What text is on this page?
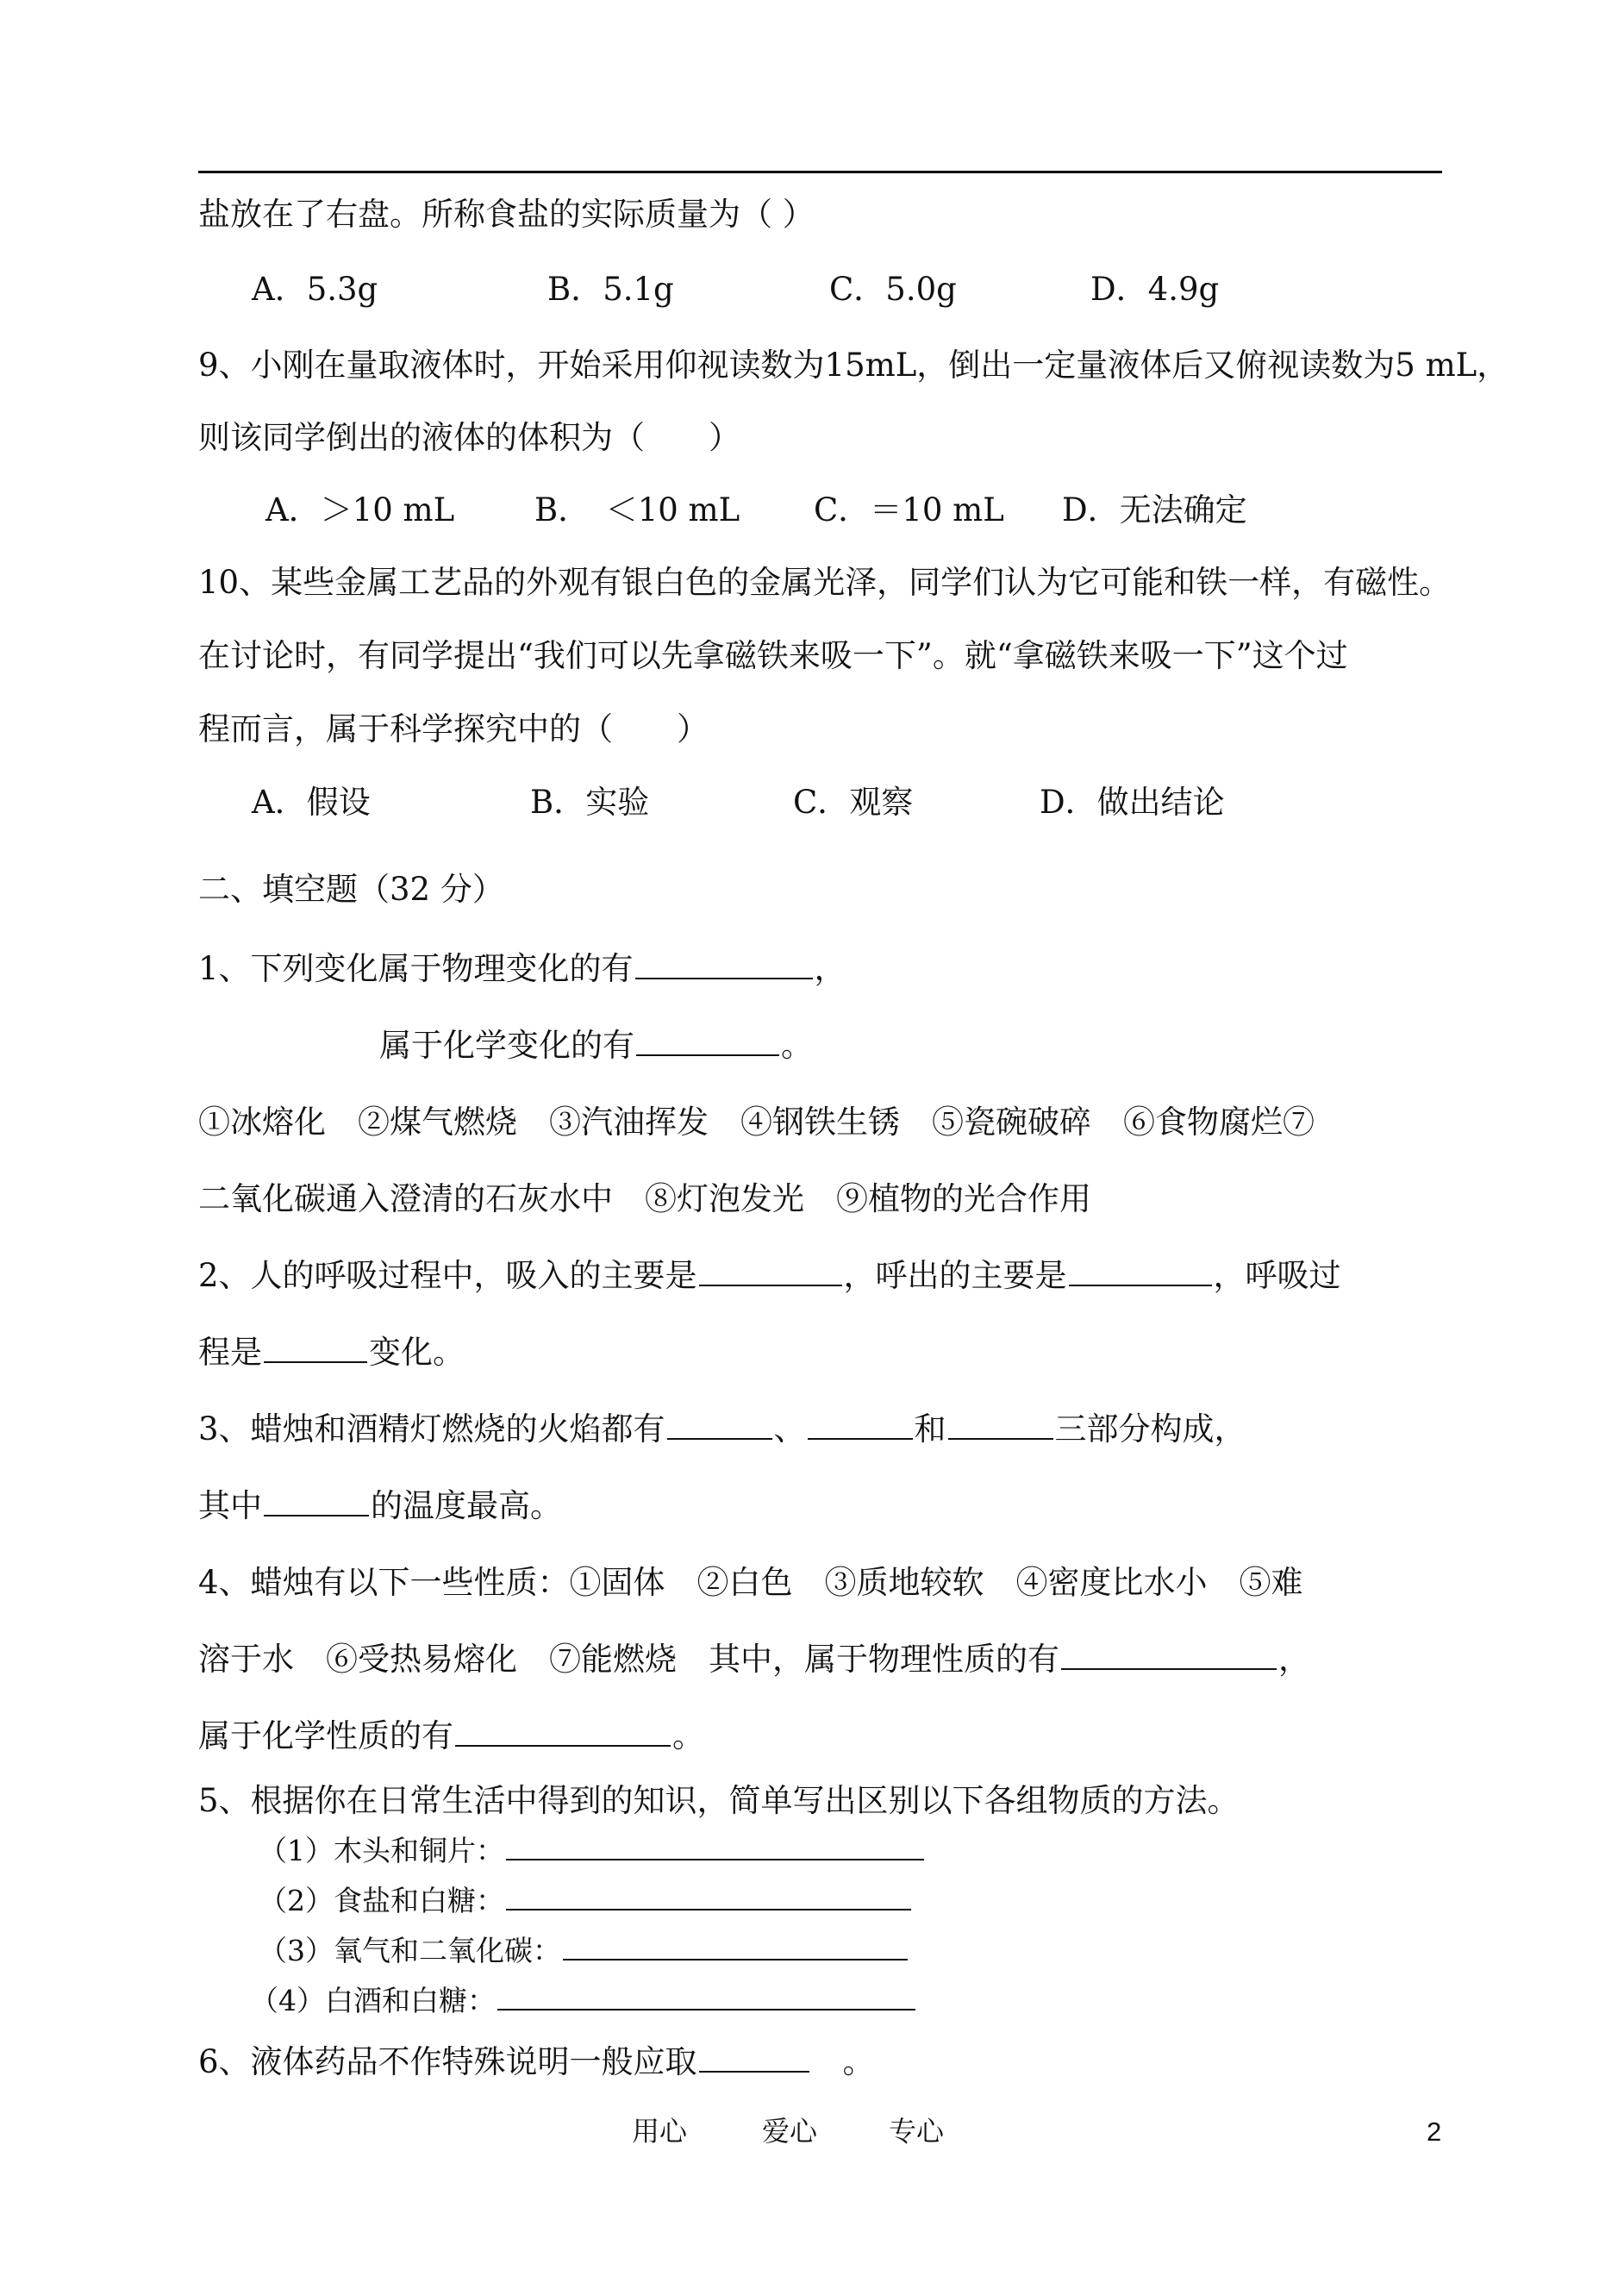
盐放在了右盘。所称食盐的实际质量为（ ）
A．5.3g	B．5.1g	C．5.0g	D．4.9g
9、小刚在量取液体时，开始采用仰视读数为15mL，倒出一定量液体后又俯视读数为5 mL，
则该同学倒出的液体的体积为（　　）
A．＞10 mL	B．　＜10 mL C．＝10 mL D．无法确定
10、某些金属工艺品的外观有银白色的金属光泽，同学们认为它可能和铁一样，有磁性。
在讨论时，有同学提出“我们可以先拿磁铁来吸一下”。就“拿磁铁来吸一下”这个过
程而言，属于科学探究中的（　　）
A．假设	B．实验	C．观察	D．做出结论
二、填空题（32 分）
1、下列变化属于物理变化的有	，
属于化学变化的有	。
①冰熔化　②煤气燃烧　③汽油挥发　④钢铁生锈　⑤瓷碗破碎　⑥食物腐烂⑦
二氧化碳通入澄清的石灰水中　⑧灯泡发光　⑨植物的光合作用
2、人的呼吸过程中，吸入的主要是	，呼出的主要是	，呼吸过
程是	变化。
3、蜡烛和酒精灯燃烧的火焰都有	、	和	三部分构成，
其中	的温度最高。
4、蜡烛有以下一些性质：①固体　②白色　③质地较软　④密度比水小　⑤难
溶于水　⑥受热易熔化　⑦能燃烧　其中，属于物理性质的有	，
属于化学性质的有	。
5、根据你在日常生活中得到的知识，简单写出区别以下各组物质的方法。
（1）木头和铜片：
（2）食盐和白糖：
（3）氧气和二氧化碳：
（4）白酒和白糖：
6、液体药品不作特殊说明一般应取	　。
用心	爱心	专心	2
